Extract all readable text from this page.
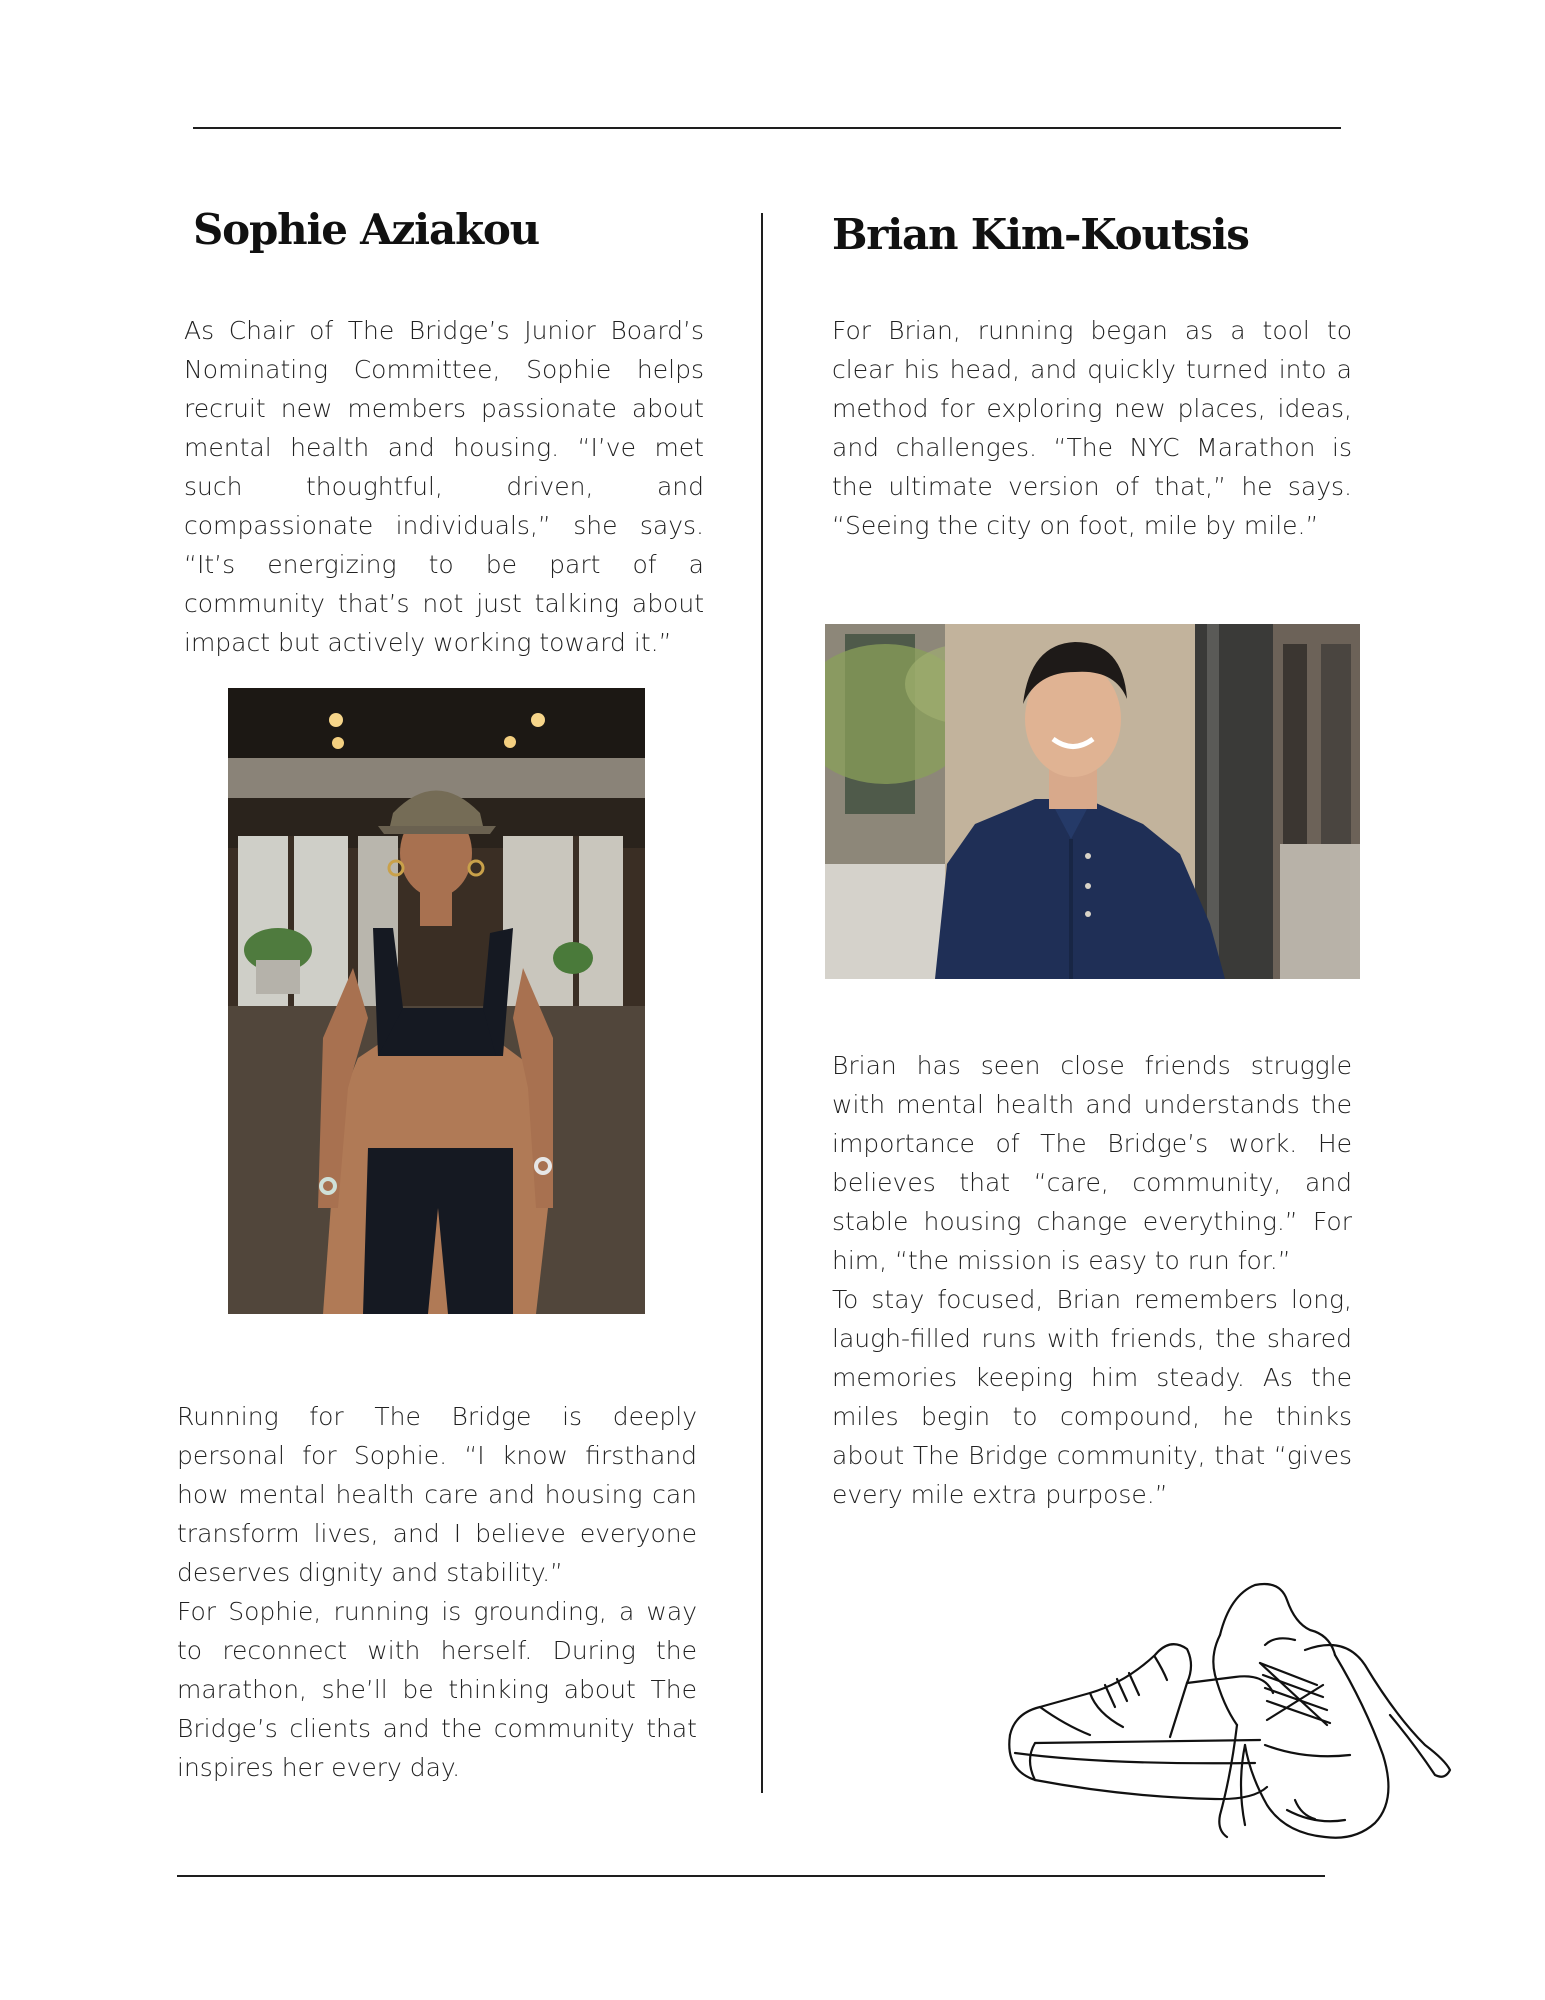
Sophie Aziakou

As Chair of The Bridge’s Junior Board’s Nominating Committee, Sophie helps recruit new members passionate about mental health and housing. “I’ve met such thoughtful, driven, and compassionate individuals,” she says. “It’s energizing to be part of a community that’s not just talking about impact but actively working toward it.”

Running for The Bridge is deeply personal for Sophie. “I know firsthand how mental health care and housing can transform lives, and I believe everyone deserves dignity and stability.”

For Sophie, running is grounding, a way to reconnect with herself. During the marathon, she’ll be thinking about The Bridge’s clients and the community that inspires her every day.

Brian Kim-Koutsis

For Brian, running began as a tool to clear his head, and quickly turned into a method for exploring new places, ideas, and challenges. “The NYC Marathon is the ultimate version of that,” he says. “Seeing the city on foot, mile by mile.”

Brian has seen close friends struggle with mental health and understands the importance of The Bridge’s work. He believes that “care, community, and stable housing change everything.” For him, “the mission is easy to run for.”

To stay focused, Brian remembers long, laugh-filled runs with friends, the shared memories keeping him steady. As the miles begin to compound, he thinks about The Bridge community, that “gives every mile extra purpose.”
